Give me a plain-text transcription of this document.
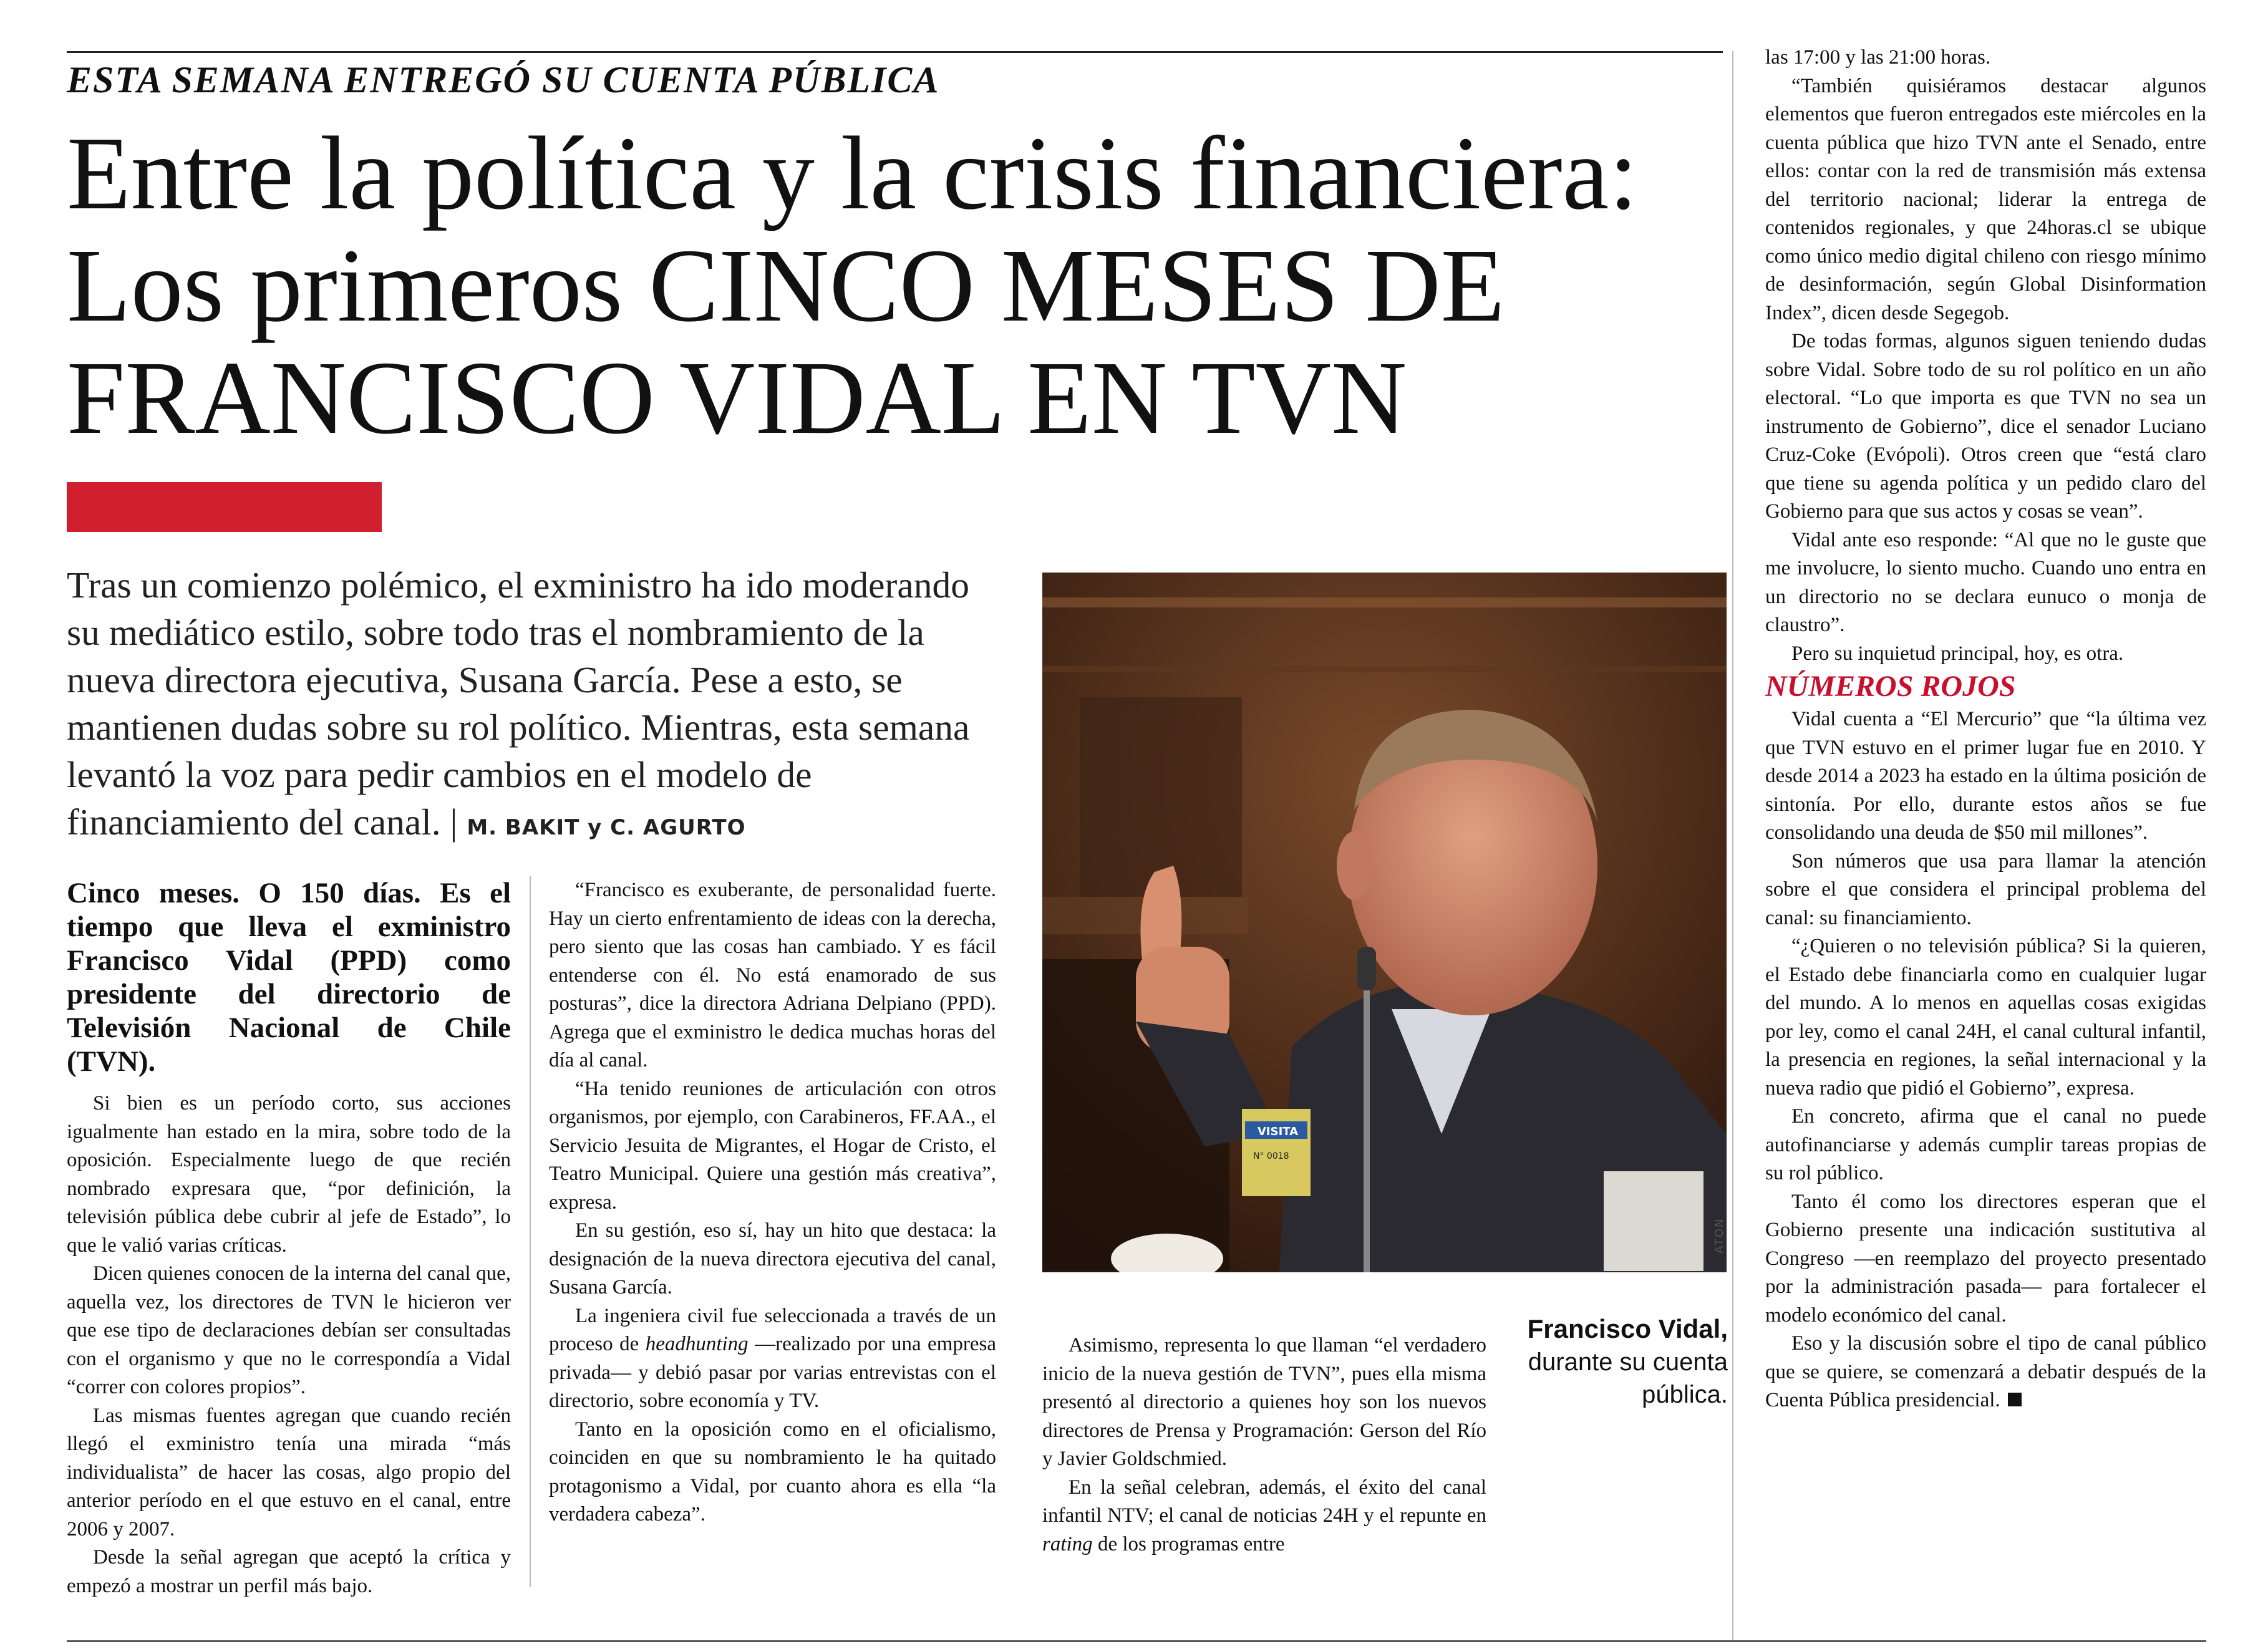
ESTA SEMANA ENTREGÓ SU CUENTA PÚBLICA
Entre la política y la crisis financiera:
Los primeros CINCO MESES DE
FRANCISCO VIDAL EN TVN
Tras un comienzo polémico, el exministro ha ido moderando
su mediático estilo, sobre todo tras el nombramiento de la
nueva directora ejecutiva, Susana García. Pese a esto, se
mantienen dudas sobre su rol político. Mientras, esta semana
levantó la voz para pedir cambios en el modelo de
financiamiento del canal. | M. BAKIT y C. AGURTO
VISITA
N° 0018
ATON
Francisco Vidal, durante su cuenta pública.
Cinco meses. O 150 días. Es el tiempo que lleva el exministro Francisco Vidal (PPD) como presidente del directorio de Televisión Nacional de Chile (TVN).

Si bien es un período corto, sus acciones igualmente han estado en la mira, sobre todo de la oposición. Especialmente luego de que recién nombrado expresara que, “por definición, la televisión pública debe cubrir al jefe de Estado”, lo que le valió varias críticas.

Dicen quienes conocen de la interna del canal que, aquella vez, los directores de TVN le hicieron ver que ese tipo de declaraciones debían ser consultadas con el organismo y que no le correspondía a Vidal “correr con colores propios”.

Las mismas fuentes agregan que cuando recién llegó el exministro tenía una mirada “más individualista” de hacer las cosas, algo propio del anterior período en el que estuvo en el canal, entre 2006 y 2007.

Desde la señal agregan que aceptó la crítica y empezó a mostrar un perfil más bajo.

“Francisco es exuberante, de personalidad fuerte. Hay un cierto enfrentamiento de ideas con la derecha, pero siento que las cosas han cambiado. Y es fácil entenderse con él. No está enamorado de sus posturas”, dice la directora Adriana Delpiano (PPD). Agrega que el exministro le dedica muchas horas del día al canal.

“Ha tenido reuniones de articulación con otros organismos, por ejemplo, con Carabineros, FF.AA., el Servicio Jesuita de Migrantes, el Hogar de Cristo, el Teatro Municipal. Quiere una gestión más creativa”, expresa.

En su gestión, eso sí, hay un hito que destaca: la designación de la nueva directora ejecutiva del canal, Susana García.

La ingeniera civil fue seleccionada a través de un proceso de headhunting —realizado por una empresa privada— y debió pasar por varias entrevistas con el directorio, sobre economía y TV.

Tanto en la oposición como en el oficialismo, coinciden en que su nombramiento le ha quitado protagonismo a Vidal, por cuanto ahora es ella “la verdadera cabeza”.

Asimismo, representa lo que llaman “el verdadero inicio de la nueva gestión de TVN”, pues ella misma presentó al directorio a quienes hoy son los nuevos directores de Prensa y Programación: Gerson del Río y Javier Goldschmied.

En la señal celebran, además, el éxito del canal infantil NTV; el canal de noticias 24H y el repunte en rating de los programas entre

las 17:00 y las 21:00 horas.

“También quisiéramos destacar algunos elementos que fueron entregados este miércoles en la cuenta pública que hizo TVN ante el Senado, entre ellos: contar con la red de transmisión más extensa del territorio nacional; liderar la entrega de contenidos regionales, y que 24horas.cl se ubique como único medio digital chileno con riesgo mínimo de desinformación, según Global Disinformation Index”, dicen desde Segegob.

De todas formas, algunos siguen teniendo dudas sobre Vidal. Sobre todo de su rol político en un año electoral. “Lo que importa es que TVN no sea un instrumento de Gobierno”, dice el senador Luciano Cruz-Coke (Evópoli). Otros creen que “está claro que tiene su agenda política y un pedido claro del Gobierno para que sus actos y cosas se vean”.

Vidal ante eso responde: “Al que no le guste que me involucre, lo siento mucho. Cuando uno entra en un directorio no se declara eunuco o monja de claustro”.

Pero su inquietud principal, hoy, es otra.

NÚMEROS ROJOS

Vidal cuenta a “El Mercurio” que “la última vez que TVN estuvo en el primer lugar fue en 2010. Y desde 2014 a 2023 ha estado en la última posición de sintonía. Por ello, durante estos años se fue consolidando una deuda de $50 mil millones”.

Son números que usa para llamar la atención sobre el que considera el principal problema del canal: su financiamiento.

“¿Quieren o no televisión pública? Si la quieren, el Estado debe financiarla como en cualquier lugar del mundo. A lo menos en aquellas cosas exigidas por ley, como el canal 24H, el canal cultural infantil, la presencia en regiones, la señal internacional y la nueva radio que pidió el Gobierno”, expresa.

En concreto, afirma que el canal no puede autofinanciarse y además cumplir tareas propias de su rol público.

Tanto él como los directores esperan que el Gobierno presente una indicación sustitutiva al Congreso —en reemplazo del proyecto presentado por la administración pasada— para fortalecer el modelo económico del canal.

Eso y la discusión sobre el tipo de canal público que se quiere, se comenzará a debatir después de la Cuenta Pública presidencial.
